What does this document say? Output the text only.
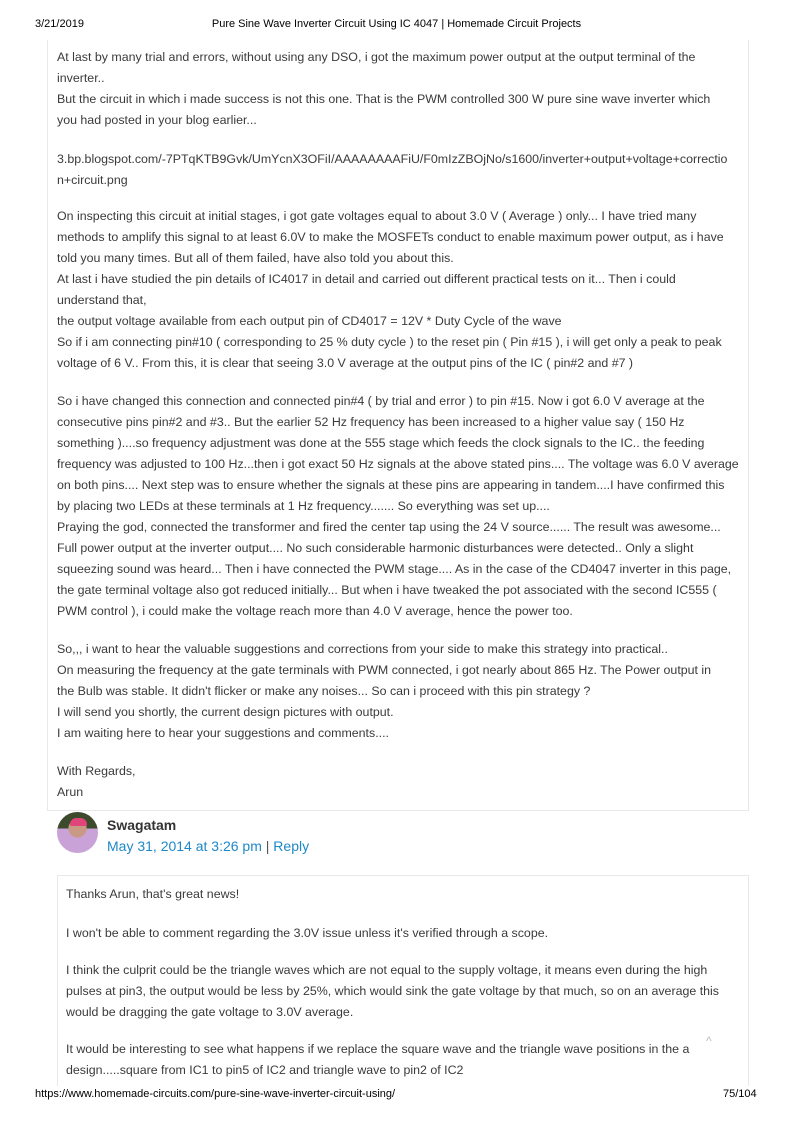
3/21/2019	Pure Sine Wave Inverter Circuit Using IC 4047 | Homemade Circuit Projects
At last by many trial and errors, without using any DSO, i got the maximum power output at the output terminal of the
inverter..
But the circuit in which i made success is not this one. That is the PWM controlled 300 W pure sine wave inverter which
you had posted in your blog earlier...
3.bp.blogspot.com/-7PTqKTB9Gvk/UmYcnX3OFiI/AAAAAAAAFiU/F0mIzZBOjNo/s1600/inverter+output+voltage+correctio
n+circuit.png
On inspecting this circuit at initial stages, i got gate voltages equal to about 3.0 V ( Average ) only... I have tried many
methods to amplify this signal to at least 6.0V to make the MOSFETs conduct to enable maximum power output, as i have
told you many times. But all of them failed, have also told you about this.
At last i have studied the pin details of IC4017 in detail and carried out different practical tests on it... Then i could
understand that,
the output voltage available from each output pin of CD4017 = 12V * Duty Cycle of the wave
So if i am connecting pin#10 ( corresponding to 25 % duty cycle ) to the reset pin ( Pin #15 ), i will get only a peak to peak
voltage of 6 V.. From this, it is clear that seeing 3.0 V average at the output pins of the IC ( pin#2 and #7 )
So i have changed this connection and connected pin#4 ( by trial and error ) to pin #15. Now i got 6.0 V average at the
consecutive pins pin#2 and #3.. But the earlier 52 Hz frequency has been increased to a higher value say ( 150 Hz
something )....so frequency adjustment was done at the 555 stage which feeds the clock signals to the IC.. the feeding
frequency was adjusted to 100 Hz...then i got exact 50 Hz signals at the above stated pins.... The voltage was 6.0 V average
on both pins.... Next step was to ensure whether the signals at these pins are appearing in tandem....I have confirmed this
by placing two LEDs at these terminals at 1 Hz frequency....... So everything was set up....
Praying the god, connected the transformer and fired the center tap using the 24 V source...... The result was awesome...
Full power output at the inverter output.... No such considerable harmonic disturbances were detected.. Only a slight
squeezing sound was heard... Then i have connected the PWM stage.... As in the case of the CD4047 inverter in this page,
the gate terminal voltage also got reduced initially... But when i have tweaked the pot associated with the second IC555 (
PWM control ), i could make the voltage reach more than 4.0 V average, hence the power too.
So,,, i want to hear the valuable suggestions and corrections from your side to make this strategy into practical..
On measuring the frequency at the gate terminals with PWM connected, i got nearly about 865 Hz. The Power output in
the Bulb was stable. It didn't flicker or make any noises... So can i proceed with this pin strategy ?
I will send you shortly, the current design pictures with output.
I am waiting here to hear your suggestions and comments....
With Regards,
Arun
Swagatam
May 31, 2014 at 3:26 pm | Reply
Thanks Arun, that's great news!
I won't be able to comment regarding the 3.0V issue unless it's verified through a scope.
I think the culprit could be the triangle waves which are not equal to the supply voltage, it means even during the high
pulses at pin3, the output would be less by 25%, which would sink the gate voltage by that much, so on an average this
would be dragging the gate voltage to 3.0V average.
It would be interesting to see what happens if we replace the square wave and the triangle wave positions in the a
design.....square from IC1 to pin5 of IC2 and triangle wave to pin2 of IC2
^
https://www.homemade-circuits.com/pure-sine-wave-inverter-circuit-using/	75/104
